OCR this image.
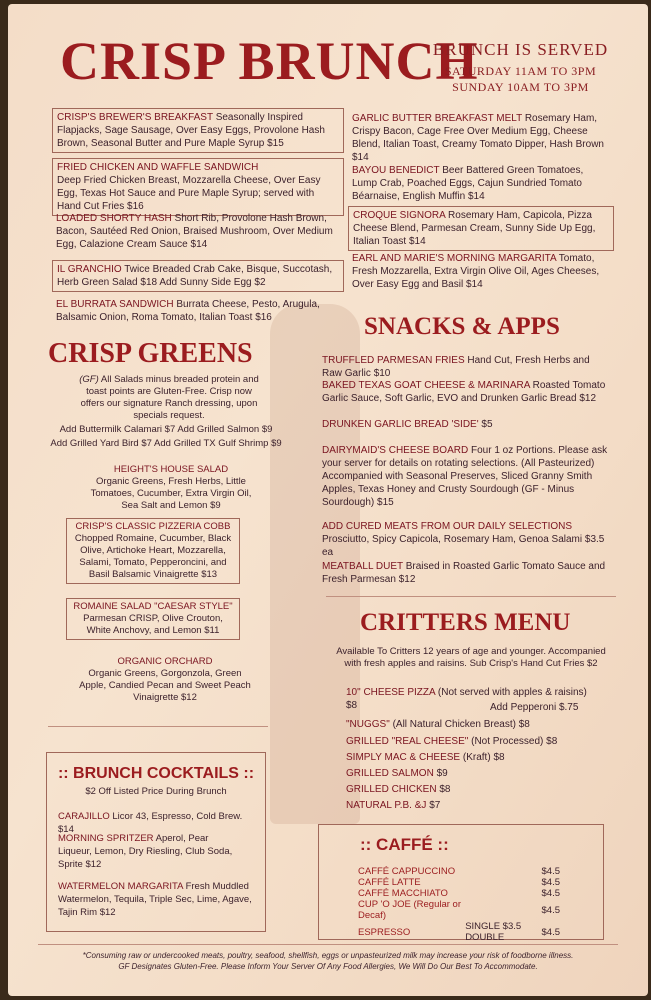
CRISP BRUNCH
BRUNCH IS SERVED
SATURDAY 11AM TO 3PM
SUNDAY 10AM TO 3PM
CRISP'S BREWER'S BREAKFAST Seasonally Inspired Flapjacks, Sage Sausage, Over Easy Eggs, Provolone Hash Brown, Seasonal Butter and Pure Maple Syrup $15
FRIED CHICKEN AND WAFFLE SANDWICH
Deep Fried Chicken Breast, Mozzarella Cheese, Over Easy Egg, Texas Hot Sauce and Pure Maple Syrup; served with Hand Cut Fries $16
LOADED SHORTY HASH Short Rib, Provolone Hash Brown, Bacon, Sautéed Red Onion, Braised Mushroom, Over Medium Egg, Calazione Cream Sauce $14
IL GRANCHIO Twice Breaded Crab Cake, Bisque, Succotash, Herb Green Salad $18 Add Sunny Side Egg $2
EL BURRATA SANDWICH Burrata Cheese, Pesto, Arugula, Balsamic Onion, Roma Tomato, Italian Toast $16
GARLIC BUTTER BREAKFAST MELT Rosemary Ham, Crispy Bacon, Cage Free Over Medium Egg, Cheese Blend, Italian Toast, Creamy Tomato Dipper, Hash Brown $14
BAYOU BENEDICT Beer Battered Green Tomatoes, Lump Crab, Poached Eggs, Cajun Sundried Tomato Béarnaise, English Muffin $14
CROQUE SIGNORA Rosemary Ham, Capicola, Pizza Cheese Blend, Parmesan Cream, Sunny Side Up Egg, Italian Toast $14
EARL AND MARIE'S MORNING MARGARITA Tomato, Fresh Mozzarella, Extra Virgin Olive Oil, Ages Cheeses, Over Easy Egg and Basil $14
CRISP GREENS
(GF) All Salads minus breaded protein and toast points are Gluten-Free. Crisp now offers our signature Ranch dressing, upon specials request.
Add Buttermilk Calamari $7 Add Grilled Salmon $9
Add Grilled Yard Bird $7 Add Grilled TX Gulf Shrimp $9
HEIGHT'S HOUSE SALAD
Organic Greens, Fresh Herbs, Little Tomatoes, Cucumber, Extra Virgin Oil, Sea Salt and Lemon $9
CRISP'S CLASSIC PIZZERIA COBB
Chopped Romaine, Cucumber, Black Olive, Artichoke Heart, Mozzarella, Salami, Tomato, Pepperoncini, and Basil Balsamic Vinaigrette $13
ROMAINE SALAD "CAESAR STYLE"
Parmesan CRISP, Olive Crouton, White Anchovy, and Lemon $11
ORGANIC ORCHARD
Organic Greens, Gorgonzola, Green Apple, Candied Pecan and Sweet Peach Vinaigrette $12
:: BRUNCH COCKTAILS ::
$2 Off Listed Price During Brunch
CARAJILLO Licor 43, Espresso, Cold Brew. $14
MORNING SPRITZER Aperol, Pear Liqueur, Lemon, Dry Riesling, Club Soda, Sprite $12
WATERMELON MARGARITA Fresh Muddled Watermelon, Tequila, Triple Sec, Lime, Agave, Tajin Rim $12
SNACKS & APPS
TRUFFLED PARMESAN FRIES Hand Cut, Fresh Herbs and Raw Garlic $10
BAKED TEXAS GOAT CHEESE & MARINARA Roasted Tomato Garlic Sauce, Soft Garlic, EVO and Drunken Garlic Bread $12
DRUNKEN GARLIC BREAD 'SIDE' $5
DAIRYMAID'S CHEESE BOARD Four 1 oz Portions. Please ask your server for details on rotating selections. (All Pasteurized) Accompanied with Seasonal Preserves, Sliced Granny Smith Apples, Texas Honey and Crusty Sourdough (GF - Minus Sourdough) $15
ADD CURED MEATS FROM OUR DAILY SELECTIONS Prosciutto, Spicy Capicola, Rosemary Ham, Genoa Salami $3.5 ea
MEATBALL DUET Braised in Roasted Garlic Tomato Sauce and Fresh Parmesan $12
CRITTERS MENU
Available To Critters 12 years of age and younger. Accompanied with fresh apples and raisins. Sub Crisp's Hand Cut Fries $2
10" CHEESE PIZZA (Not served with apples & raisins) $8	Add Pepperoni $.75
"NUGGS" (All Natural Chicken Breast) $8
GRILLED "REAL CHEESE" (Not Processed) $8
SIMPLY MAC & CHEESE (Kraft) $8
GRILLED SALMON $9
GRILLED CHICKEN $8
NATURAL P.B. &J $7
:: CAFFÉ ::
CAFFÉ CAPPUCCINO		$4.5
CAFFÉ LATTE		$4.5
CAFFÉ MACCHIATO		$4.5
CUP 'O JOE (Regular or Decaf)		$4.5
ESPRESSO	SINGLE $3.5 DOUBLE	$4.5
*Consuming raw or undercooked meats, poultry, seafood, shellfish, eggs or unpasteurized milk may increase your risk of foodborne illness.
GF Designates Gluten-Free. Please Inform Your Server Of Any Food Allergies, We Will Do Our Best To Accommodate.
